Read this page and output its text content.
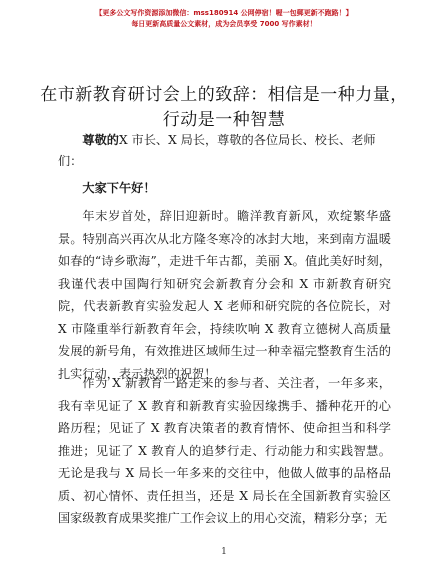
【更多公文写作资源添加微信：mss180914 公网停宿！喔一包郵更新不跑路！】
每日更新高质量公文素材，成为会员享受 7000 写作素材！
在市新教育研讨会上的致辞：相信是一种力量，行动是一种智慧
尊敬的X 市长、X 局长，尊敬的各位局长、校长、老师们：
大家下午好！
年末岁首处，辞旧迎新时。瞻洋教育新风，欢绽繁华盛景。特别高兴再次从北方隆冬寒冷的冰封大地，来到南方温暖如春的“诗乡歌海”，走进千年古都，美丽 X。值此美好时刻，我谨代表中国陶行知研究会新教育分会和 X 市新教育研究院，代表新教育实验发起人 X 老师和研究院的各位院长，对 X 市隆重举行新教育年会，持续吹响 X 教育立德树人高质量发展的新号角，有效推进区域师生过一种幸福完整教育生活的扎实行动，表示热烈的祝贺！
作为 X 新教育一路走来的参与者、关注者，一年多来，我有幸见证了 X 教育和新教育实验因缘携手、播种花开的心路历程；见证了 X 教育决策者的教育情怀、使命担当和科学推进；见证了 X 教育人的追梦行走、行动能力和实践智慧。无论是我与 X 局长一年多来的交往中，他做人做事的品格品质、初心情怀、责任担当，还是 X 局长在全国新教育实验区国家级教育成果奖推广工作会议上的用心交流，精彩分享；无
1
